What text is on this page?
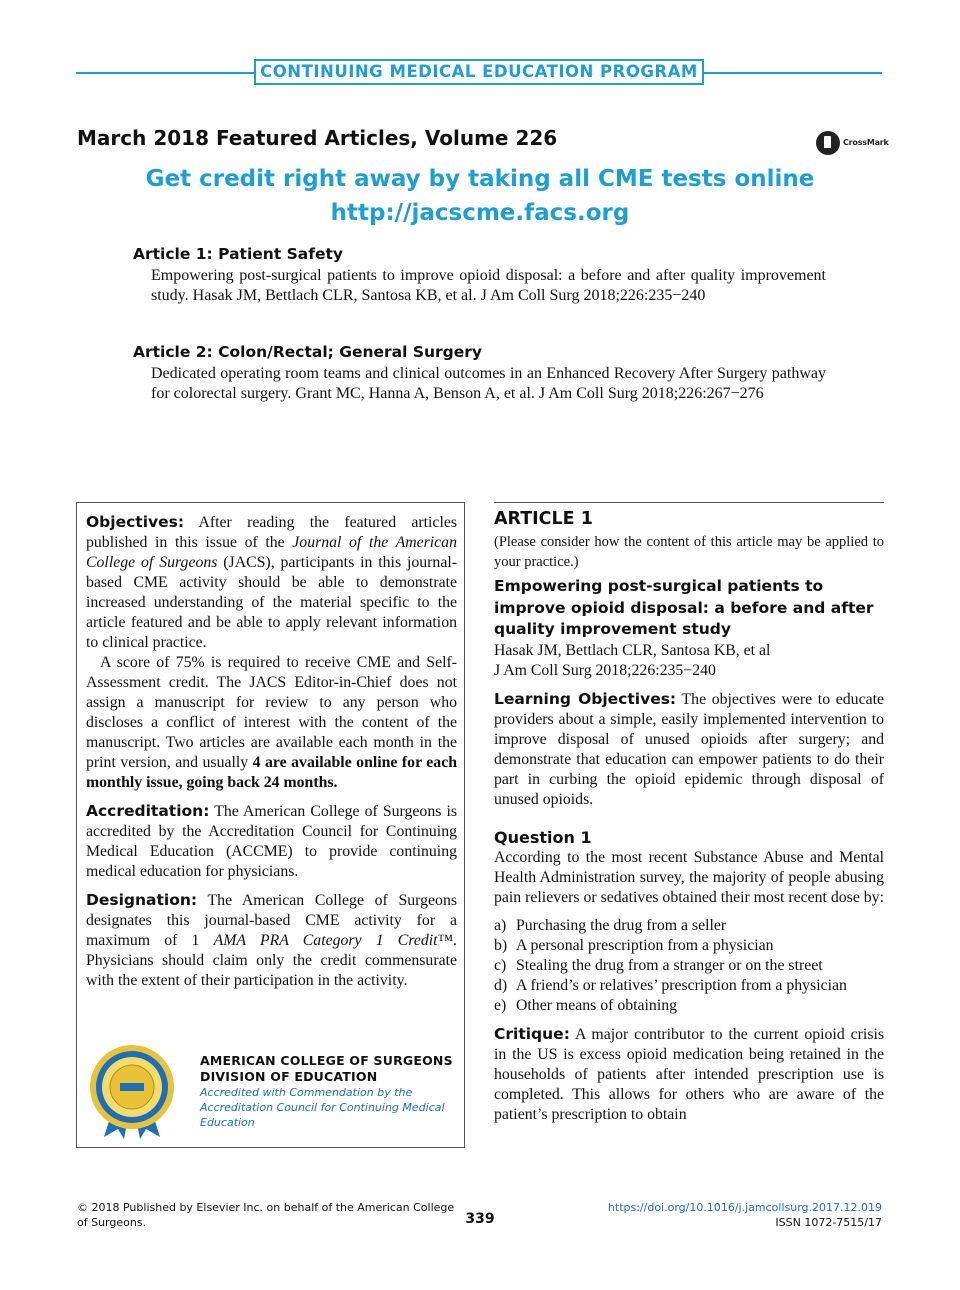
CONTINUING MEDICAL EDUCATION PROGRAM
March 2018 Featured Articles, Volume 226	CrossMark
Get credit right away by taking all CME tests online
http://jacscme.facs.org
Article 1: Patient Safety
Empowering post-surgical patients to improve opioid disposal: a before and after quality improvement study. Hasak JM, Bettlach CLR, Santosa KB, et al. J Am Coll Surg 2018;226:235−240
Article 2: Colon/Rectal; General Surgery
Dedicated operating room teams and clinical outcomes in an Enhanced Recovery After Surgery pathway for colorectal surgery. Grant MC, Hanna A, Benson A, et al. J Am Coll Surg 2018;226:267−276

Objectives: After reading the featured articles published in this issue of the Journal of the American College of Surgeons (JACS), participants in this journal-based CME activity should be able to demonstrate increased understanding of the material specific to the article featured and be able to apply relevant information to clinical practice.

A score of 75% is required to receive CME and Self-Assessment credit. The JACS Editor-in-Chief does not assign a manuscript for review to any person who discloses a conflict of interest with the content of the manuscript. Two articles are available each month in the print version, and usually 4 are available online for each monthly issue, going back 24 months.

Accreditation: The American College of Surgeons is accredited by the Accreditation Council for Continuing Medical Education (ACCME) to provide continuing medical education for physicians.

Designation: The American College of Surgeons designates this journal-based CME activity for a maximum of 1 AMA PRA Category 1 Credit™. Physicians should claim only the credit commensurate with the extent of their participation in the activity.

AMERICAN COLLEGE OF SURGEONS
DIVISION OF EDUCATION
Accredited with Commendation by the
Accreditation Council for Continuing Medical Education
ARTICLE 1

(Please consider how the content of this article may be applied to your practice.)

Empowering post-surgical patients to improve opioid disposal: a before and after quality improvement study

Hasak JM, Bettlach CLR, Santosa KB, et al

J Am Coll Surg 2018;226:235−240

Learning Objectives: The objectives were to educate providers about a simple, easily implemented intervention to improve disposal of unused opioids after surgery; and demonstrate that education can empower patients to do their part in curbing the opioid epidemic through disposal of unused opioids.

Question 1

According to the most recent Substance Abuse and Mental Health Administration survey, the majority of people abusing pain relievers or sedatives obtained their most recent dose by:

a) Purchasing the drug from a seller
b) A personal prescription from a physician
c) Stealing the drug from a stranger or on the street
d) A friend’s or relatives’ prescription from a physician
e) Other means of obtaining

Critique: A major contributor to the current opioid crisis in the US is excess opioid medication being retained in the households of patients after intended prescription use is completed. This allows for others who are aware of the patient’s prescription to obtain

© 2018 Published by Elsevier Inc. on behalf of the American College of Surgeons.	339
https://doi.org/10.1016/j.jamcollsurg.2017.12.019
ISSN 1072-7515/17
